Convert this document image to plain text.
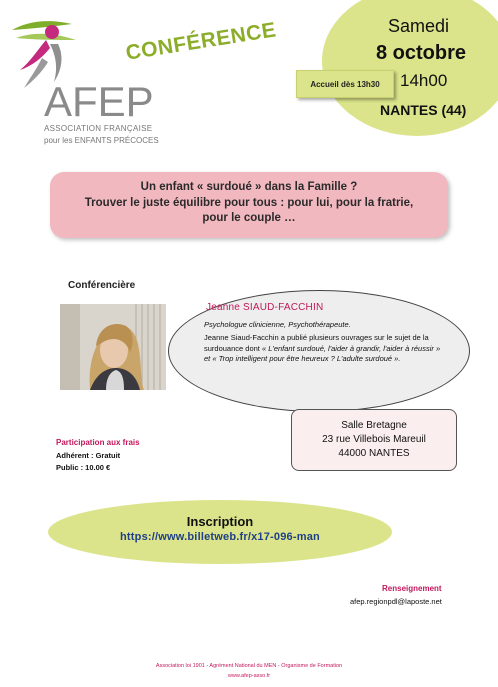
AFEP
ASSOCIATION FRANÇAISE
pour les ENFANTS PRÉCOCES
CONFÉRENCE	Samedi
8 octobre
14h00
NANTES (44)
Accueil dès 13h30
Un enfant « surdoué » dans la Famille ?
Trouver le juste équilibre pour tous : pour lui, pour la fratrie,
pour le couple …
Conférencière
Jeanne SIAUD-FACCHIN
Psychologue clinicienne, Psychothérapeute.
Jeanne Siaud-Facchin a publié plusieurs ouvrages sur le sujet de la surdouance dont « L'enfant surdoué, l'aider à grandir, l'aider à réussir » et « Trop intelligent pour être heureux ? L'adulte surdoué ».
Salle Bretagne
23 rue Villebois Mareuil
44000 NANTES
Participation aux frais
Adhérent : Gratuit
Public : 10.00 €
Inscription
https://www.billetweb.fr/x17-096-man
Renseignement
afep.regionpdl@laposte.net
Association loi 1901 - Agrément National du MEN - Organisme de Formation
www.afep-asso.fr
